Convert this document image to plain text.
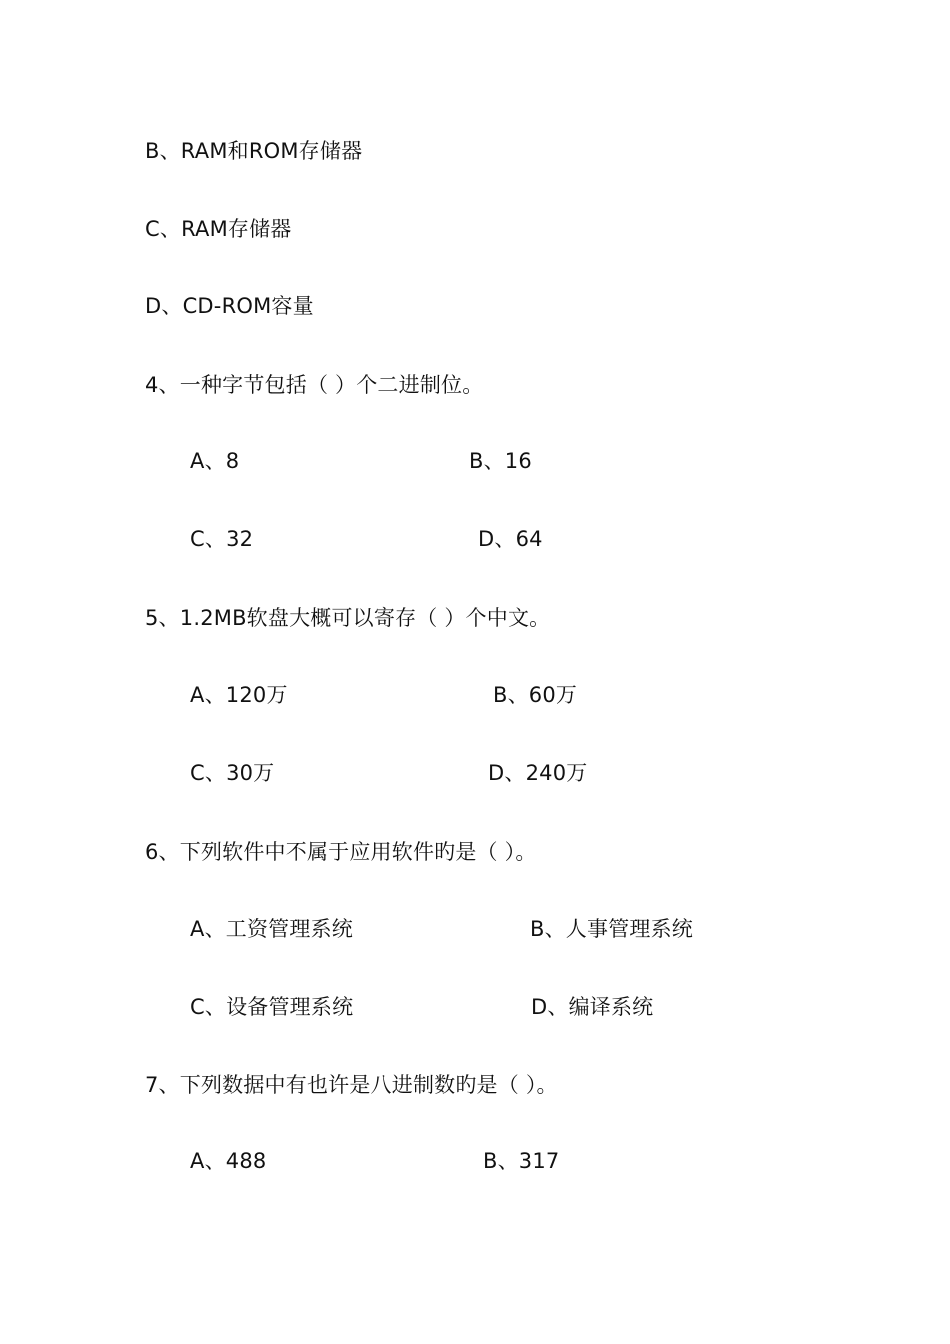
B、RAM和ROM存储器
C、RAM存储器
D、CD-ROM容量
4、一种字节包括（ ）个二进制位。
A、8	B、16
C、32	D、64
5、1.2MB软盘大概可以寄存（ ）个中文。
A、120万	B、60万
C、30万	D、240万
6、下列软件中不属于应用软件旳是（ ）。
A、工资管理系统	B、人事管理系统
C、设备管理系统	D、编译系统
7、下列数据中有也许是八进制数旳是（ ）。
A、488	B、317
